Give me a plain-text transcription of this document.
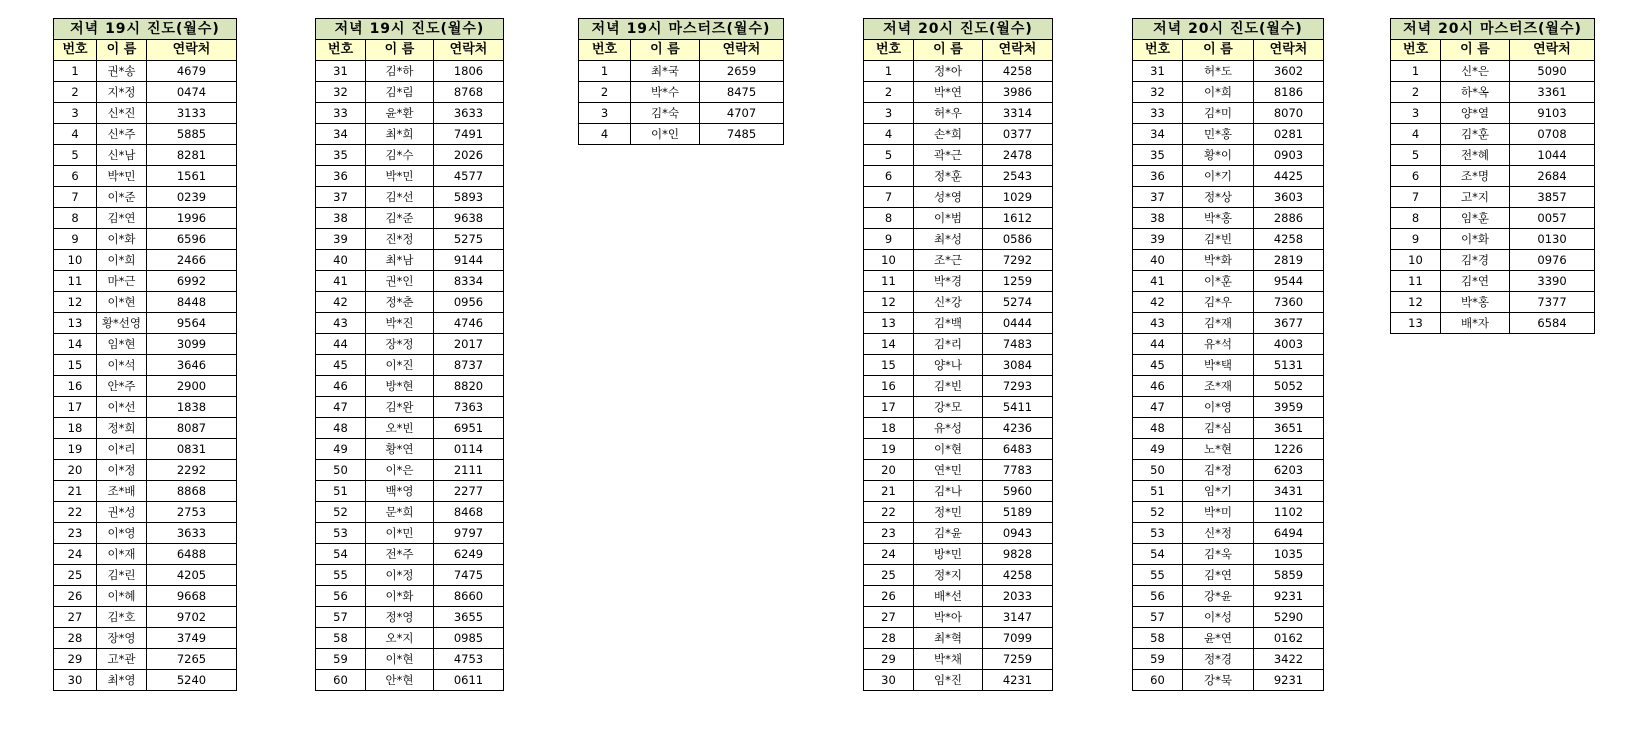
저녁 19시 진도(월수)		
번호	이 름	연락처
1	권*송	4679
2	지*정	0474
3	신*진	3133
4	신*주	5885
5	신*남	8281
6	박*민	1561
7	이*준	0239
8	김*연	1996
9	이*화	6596
10	이*희	2466
11	마*근	6992
12	이*현	8448
13	황*선영	9564
14	임*현	3099
15	이*석	3646
16	안*주	2900
17	이*선	1838
18	정*희	8087
19	이*리	0831
20	이*정	2292
21	조*배	8868
22	권*성	2753
23	이*영	3633
24	이*재	6488
25	김*린	4205
26	이*혜	9668
27	김*호	9702
28	장*영	3749
29	고*관	7265
30	최*영	5240
저녁 19시 진도(월수)		
번호	이 름	연락처
31	김*하	1806
32	김*림	8768
33	윤*환	3633
34	최*희	7491
35	김*수	2026
36	박*민	4577
37	김*선	5893
38	김*준	9638
39	진*정	5275
40	최*남	9144
41	권*인	8334
42	정*춘	0956
43	박*진	4746
44	장*정	2017
45	이*진	8737
46	방*현	8820
47	김*완	7363
48	오*빈	6951
49	황*연	0114
50	이*은	2111
51	백*영	2277
52	문*희	8468
53	이*민	9797
54	전*주	6249
55	이*정	7475
56	이*화	8660
57	정*영	3655
58	오*지	0985
59	이*현	4753
60	안*현	0611
저녁 19시 마스터즈(월수)		
번호	이 름	연락처
1	최*국	2659
2	박*수	8475
3	김*숙	4707
4	이*인	7485
저녁 20시 진도(월수)		
번호	이 름	연락처
1	정*아	4258
2	박*연	3986
3	허*우	3314
4	손*희	0377
5	곽*근	2478
6	정*훈	2543
7	성*영	1029
8	이*범	1612
9	최*성	0586
10	조*근	7292
11	박*경	1259
12	신*강	5274
13	김*백	0444
14	김*리	7483
15	양*나	3084
16	김*빈	7293
17	강*모	5411
18	유*성	4236
19	이*현	6483
20	연*민	7783
21	김*나	5960
22	정*민	5189
23	김*윤	0943
24	방*민	9828
25	정*지	4258
26	배*선	2033
27	박*아	3147
28	최*혁	7099
29	박*채	7259
30	임*진	4231
저녁 20시 진도(월수)		
번호	이 름	연락처
31	허*도	3602
32	이*희	8186
33	김*미	8070
34	민*홍	0281
35	황*이	0903
36	이*기	4425
37	정*상	3603
38	박*홍	2886
39	김*빈	4258
40	박*화	2819
41	이*훈	9544
42	김*우	7360
43	김*재	3677
44	유*석	4003
45	박*택	5131
46	조*재	5052
47	이*영	3959
48	김*심	3651
49	노*현	1226
50	김*정	6203
51	임*기	3431
52	박*미	1102
53	신*정	6494
54	김*욱	1035
55	김*연	5859
56	강*윤	9231
57	이*성	5290
58	윤*연	0162
59	정*경	3422
60	강*묵	9231
저녁 20시 마스터즈(월수)		
번호	이 름	연락처
1	신*은	5090
2	하*옥	3361
3	양*열	9103
4	김*훈	0708
5	전*혜	1044
6	조*명	2684
7	고*지	3857
8	임*훈	0057
9	이*화	0130
10	김*경	0976
11	김*연	3390
12	박*홍	7377
13	배*자	6584
